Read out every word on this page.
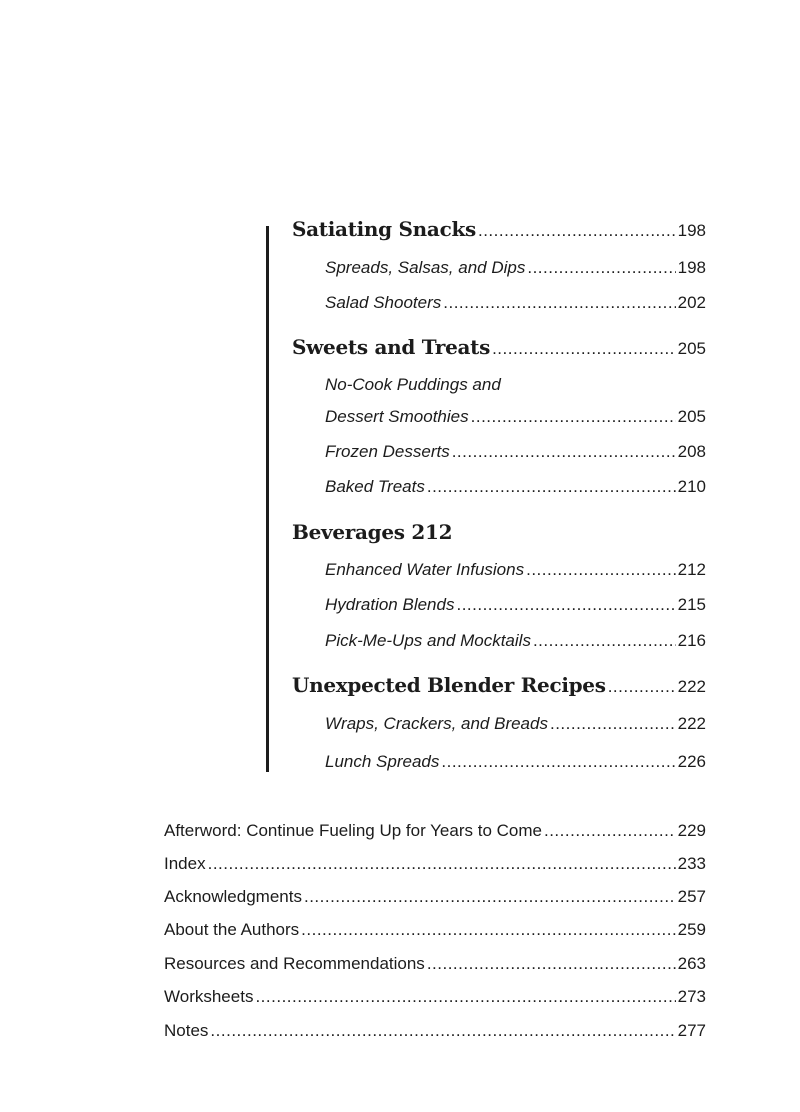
Satiating Snacks .....	198
Spreads, Salsas, and Dips .....	198
Salad Shooters .....	202
Sweets and Treats .....	205
No-Cook Puddings and
Dessert Smoothies .....	205
Frozen Desserts .....	208
Baked Treats .....	210
Beverages 212
Enhanced Water Infusions .....	212
Hydration Blends .....	215
Pick-Me-Ups and Mocktails .....	216
Unexpected Blender Recipes .....	222
Wraps, Crackers, and Breads .....	222
Lunch Spreads .....	226
Afterword: Continue Fueling Up for Years to Come .....	229
Index .....	233
Acknowledgments .....	257
About the Authors .....	259
Resources and Recommendations .....	263
Worksheets .....	273
Notes .....	277
